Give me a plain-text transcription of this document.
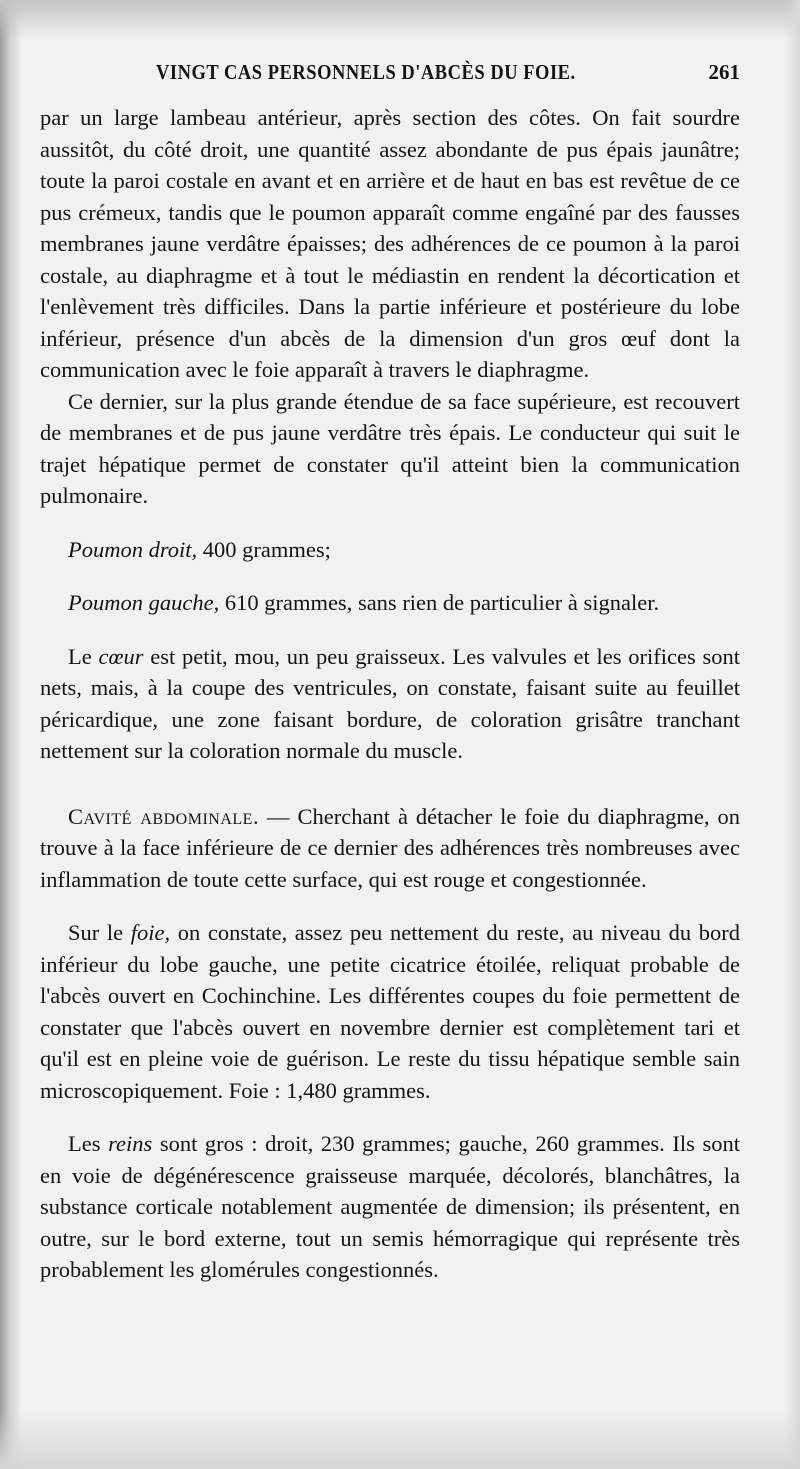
VINGT CAS PERSONNELS D'ABCÈS DU FOIE.	261

par un large lambeau antérieur, après section des côtes. On fait sourdre aussitôt, du côté droit, une quantité assez abondante de pus épais jaunâtre; toute la paroi costale en avant et en arrière et de haut en bas est revêtue de ce pus crémeux, tandis que le poumon apparaît comme engaîné par des fausses membranes jaune verdâtre épaisses; des adhérences de ce poumon à la paroi costale, au diaphragme et à tout le médiastin en rendent la décortication et l'enlèvement très difficiles. Dans la partie inférieure et postérieure du lobe inférieur, présence d'un abcès de la dimension d'un gros œuf dont la communication avec le foie apparaît à travers le diaphragme.

Ce dernier, sur la plus grande étendue de sa face supérieure, est recouvert de membranes et de pus jaune verdâtre très épais. Le conducteur qui suit le trajet hépatique permet de constater qu'il atteint bien la communication pulmonaire.

Poumon droit, 400 grammes;

Poumon gauche, 610 grammes, sans rien de particulier à signaler.

Le cœur est petit, mou, un peu graisseux. Les valvules et les orifices sont nets, mais, à la coupe des ventricules, on constate, faisant suite au feuillet péricardique, une zone faisant bordure, de coloration grisâtre tranchant nettement sur la coloration normale du muscle.

Cavité abdominale. — Cherchant à détacher le foie du diaphragme, on trouve à la face inférieure de ce dernier des adhérences très nombreuses avec inflammation de toute cette surface, qui est rouge et congestionnée.

Sur le foie, on constate, assez peu nettement du reste, au niveau du bord inférieur du lobe gauche, une petite cicatrice étoilée, reliquat probable de l'abcès ouvert en Cochinchine. Les différentes coupes du foie permettent de constater que l'abcès ouvert en novembre dernier est complètement tari et qu'il est en pleine voie de guérison. Le reste du tissu hépatique semble sain microscopiquement. Foie : 1,480 grammes.

Les reins sont gros : droit, 230 grammes; gauche, 260 grammes. Ils sont en voie de dégénérescence graisseuse marquée, décolorés, blanchâtres, la substance corticale notablement augmentée de dimension; ils présentent, en outre, sur le bord externe, tout un semis hémorragique qui représente très probablement les glomérules congestionnés.
